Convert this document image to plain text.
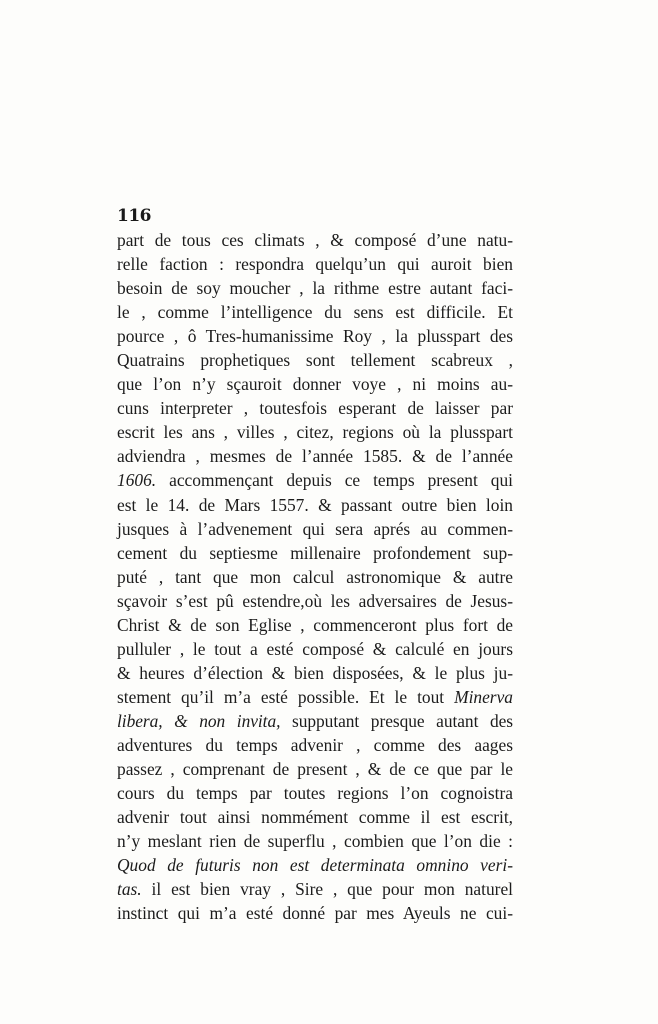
116
part de tous ces climats , & composé d’une natu-
relle faction : respondra quelqu’un qui auroit bien
besoin de soy moucher , la rithme estre autant faci-
le , comme l’intelligence du sens est difficile. Et
pource , ô Tres-humanissime Roy , la plusspart des
Quatrains prophetiques sont tellement scabreux ,
que l’on n’y sçauroit donner voye , ni moins au-
cuns interpreter , toutesfois esperant de laisser par
escrit les ans , villes , citez, regions où la plusspart
adviendra , mesmes de l’année 1585. & de l’année
1606. accommençant depuis ce temps present qui
est le 14. de Mars 1557. & passant outre bien loin
jusques à l’advenement qui sera aprés au commen-
cement du septiesme millenaire profondement sup-
puté , tant que mon calcul astronomique & autre
sçavoir s’est pû estendre,où les adversaires de Jesus-
Christ & de son Eglise , commenceront plus fort de
pulluler , le tout a esté composé & calculé en jours
& heures d’élection & bien disposées, & le plus ju-
stement qu’il m’a esté possible. Et le tout Minerva
libera, & non invita, supputant presque autant des
adventures du temps advenir , comme des aages
passez , comprenant de present , & de ce que par le
cours du temps par toutes regions l’on cognoistra
advenir tout ainsi nommément comme il est escrit,
n’y meslant rien de superflu , combien que l’on die :
Quod de futuris non est determinata omnino veri-
tas. il est bien vray , Sire , que pour mon naturel
instinct qui m’a esté donné par mes Ayeuls ne cui-
